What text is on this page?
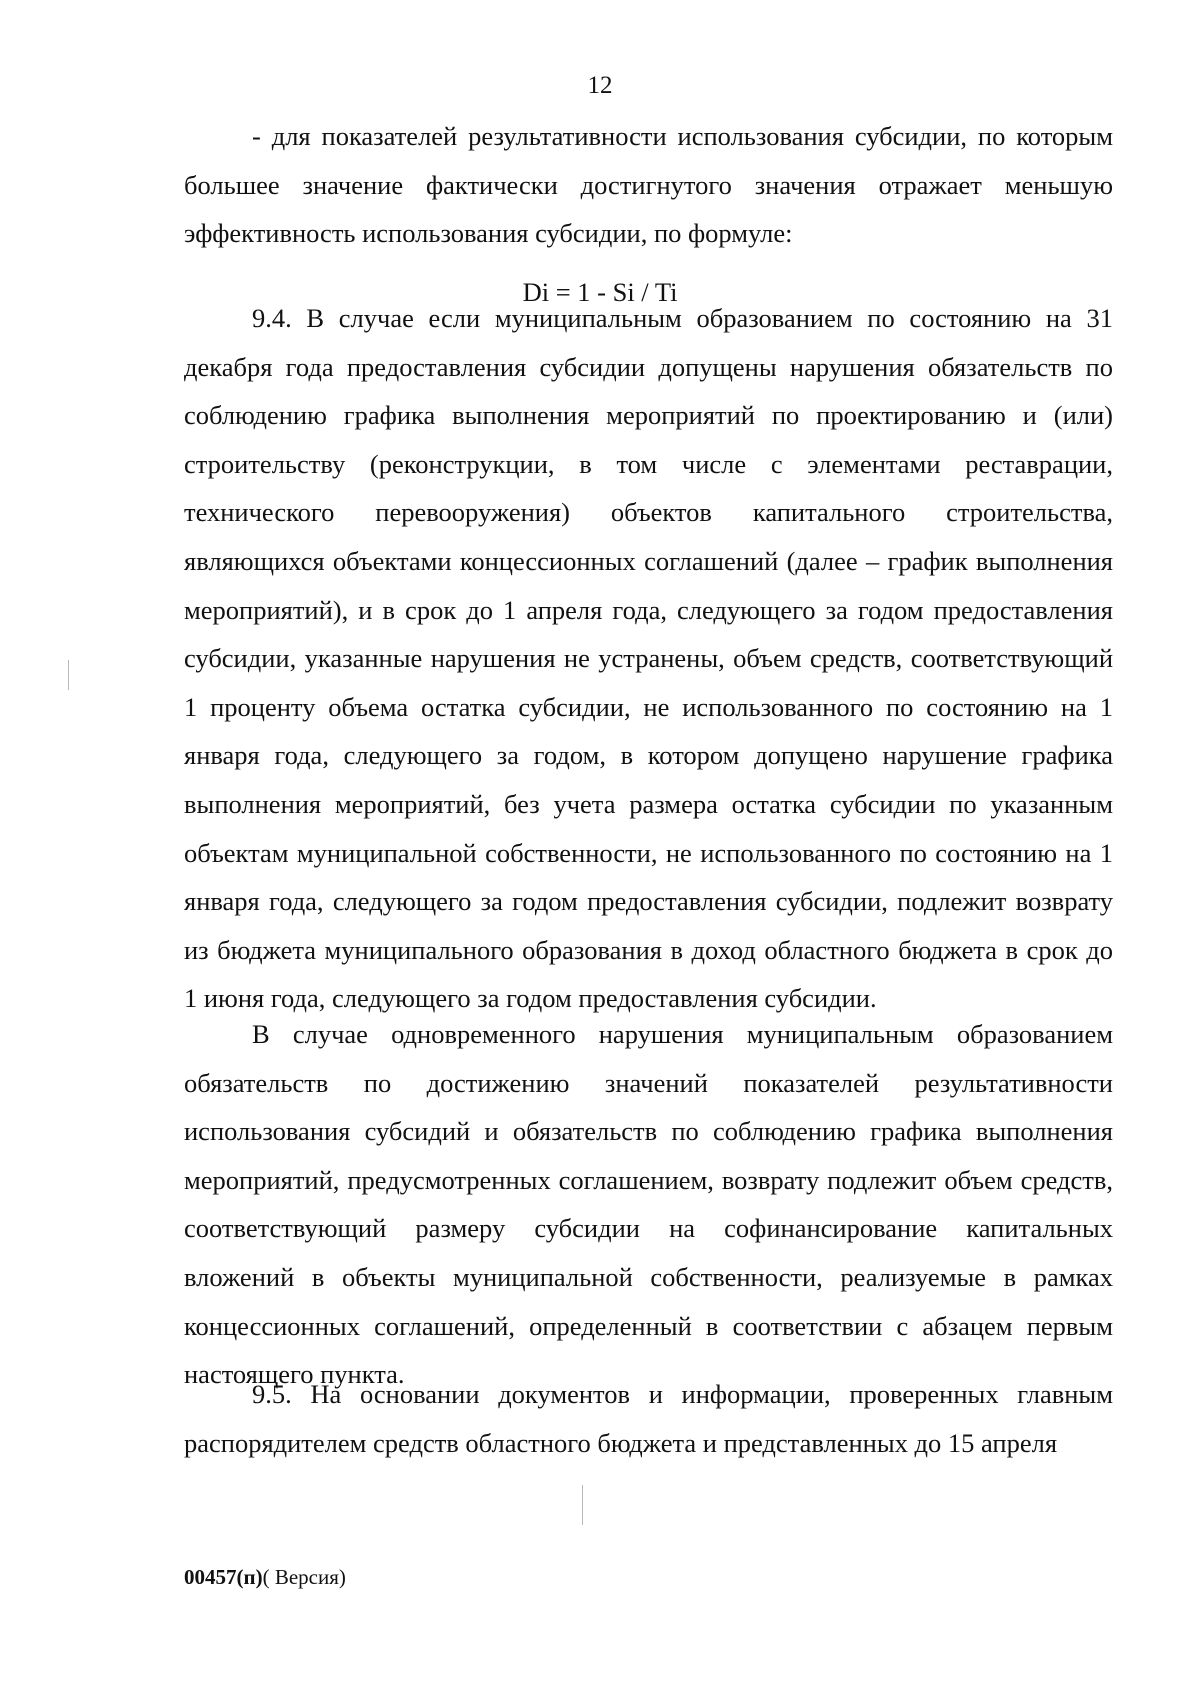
12

- для показателей результативности использования субсидии, по которым большее значение фактически достигнутого значения отражает меньшую эффективность использования субсидии, по формуле:

Di = 1 - Si / Ti

9.4. В случае если муниципальным образованием по состоянию на 31 декабря года предоставления субсидии допущены нарушения обязательств по соблюдению графика выполнения мероприятий по проектированию и (или) строительству (реконструкции, в том числе с элементами реставрации, технического перевооружения) объектов капитального строительства, являющихся объектами концессионных соглашений (далее – график выполнения мероприятий), и в срок до 1 апреля года, следующего за годом предоставления субсидии, указанные нарушения не устранены, объем средств, соответствующий 1 проценту объема остатка субсидии, не использованного по состоянию на 1 января года, следующего за годом, в котором допущено нарушение графика выполнения мероприятий, без учета размера остатка субсидии по указанным объектам муниципальной собственности, не использованного по состоянию на 1 января года, следующего за годом предоставления субсидии, подлежит возврату из бюджета муниципального образования в доход областного бюджета в срок до 1 июня года, следующего за годом предоставления субсидии.

В случае одновременного нарушения муниципальным образованием обязательств по достижению значений показателей результативности использования субсидий и обязательств по соблюдению графика выполнения мероприятий, предусмотренных соглашением, возврату подлежит объем средств, соответствующий размеру субсидии на софинансирование капитальных вложений в объекты муниципальной собственности, реализуемые в рамках концессионных соглашений, определенный в соответствии с абзацем первым настоящего пункта.

9.5. На основании документов и информации, проверенных главным распорядителем средств областного бюджета и представленных до 15 апреля

00457(п)( Версия)
